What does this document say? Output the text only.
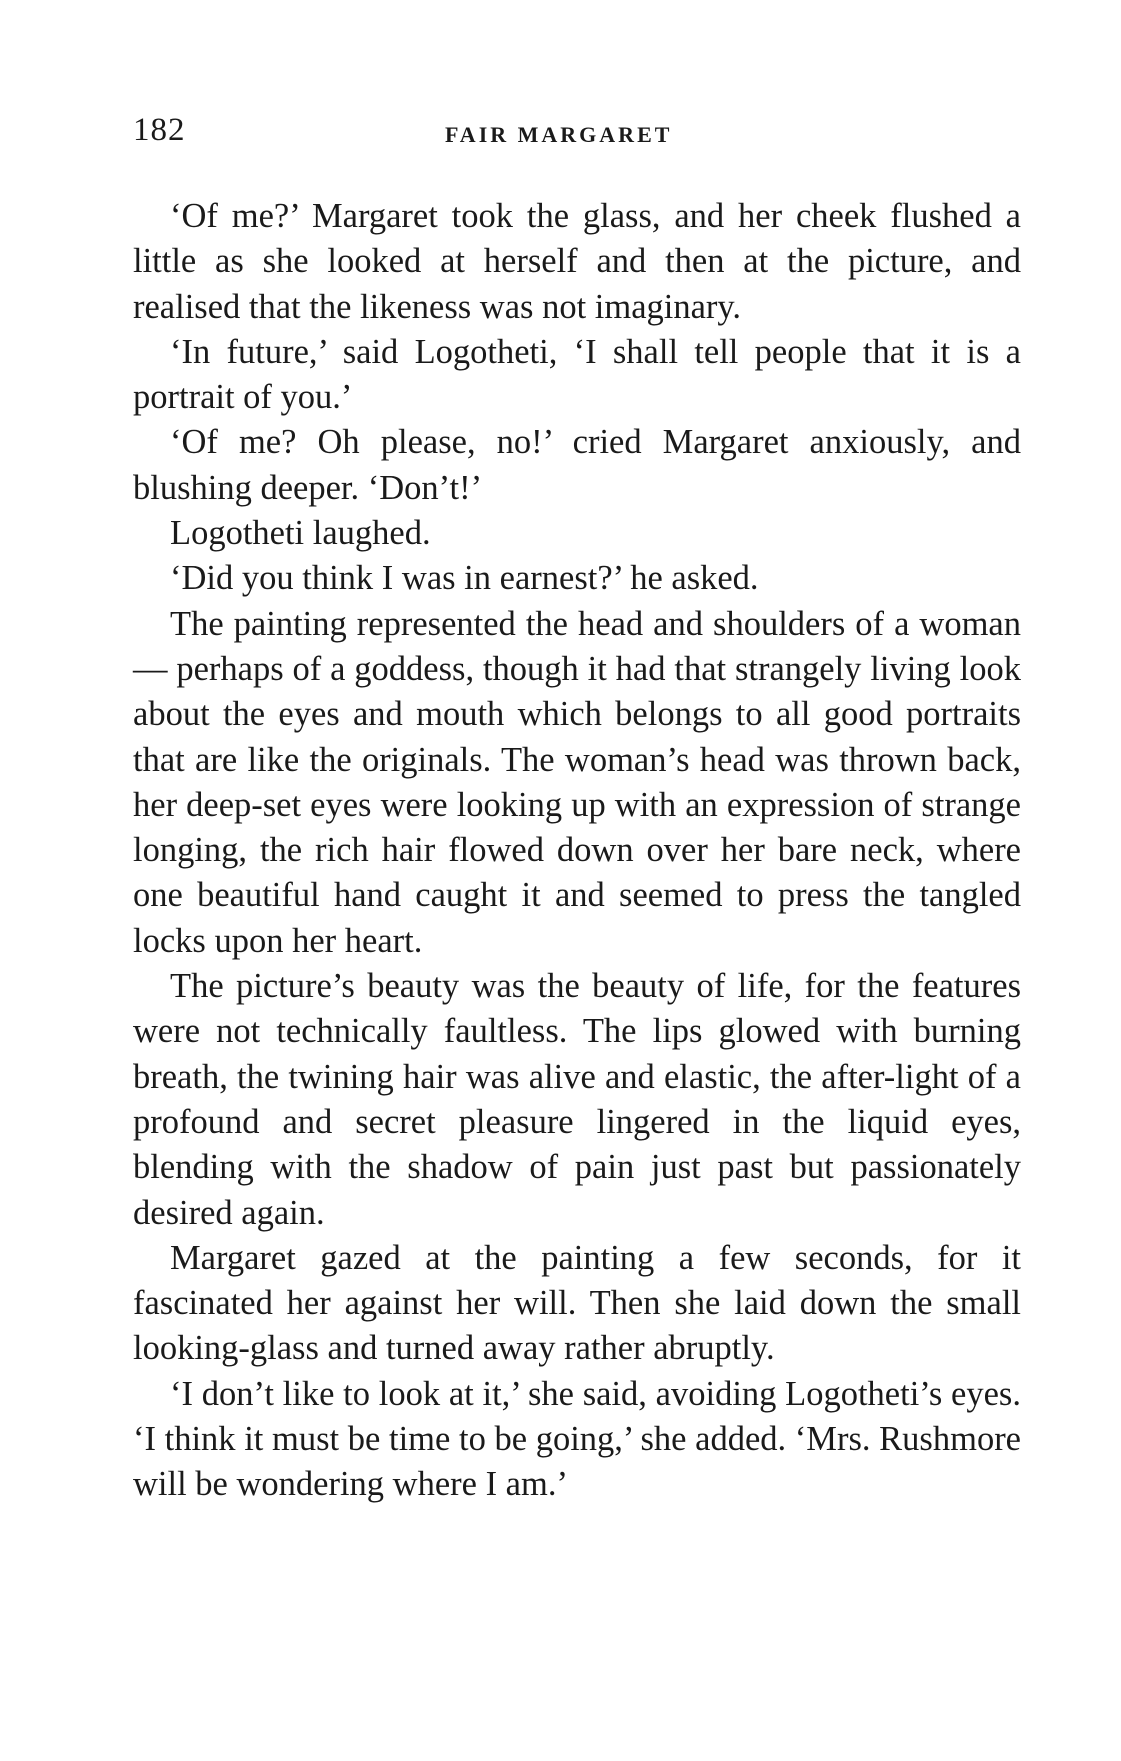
182	FAIR MARGARET

‘Of me?’ Margaret took the glass, and her cheek flushed a little as she looked at herself and then at the picture, and realised that the likeness was not imaginary.

‘In future,’ said Logotheti, ‘I shall tell people that it is a portrait of you.’

‘Of me? Oh please, no!’ cried Margaret anxiously, and blushing deeper. ‘Don’t!’

Logotheti laughed.

‘Did you think I was in earnest?’ he asked.

The painting represented the head and shoulders of a woman — perhaps of a goddess, though it had that strangely living look about the eyes and mouth which belongs to all good portraits that are like the originals. The woman’s head was thrown back, her deep-set eyes were looking up with an expression of strange longing, the rich hair flowed down over her bare neck, where one beautiful hand caught it and seemed to press the tangled locks upon her heart.

The picture’s beauty was the beauty of life, for the features were not technically faultless. The lips glowed with burning breath, the twining hair was alive and elastic, the after-light of a profound and secret pleasure lingered in the liquid eyes, blending with the shadow of pain just past but passionately desired again.

Margaret gazed at the painting a few seconds, for it fascinated her against her will. Then she laid down the small looking-glass and turned away rather abruptly.

‘I don’t like to look at it,’ she said, avoiding Logotheti’s eyes. ‘I think it must be time to be going,’ she added. ‘Mrs. Rushmore will be wondering where I am.’
